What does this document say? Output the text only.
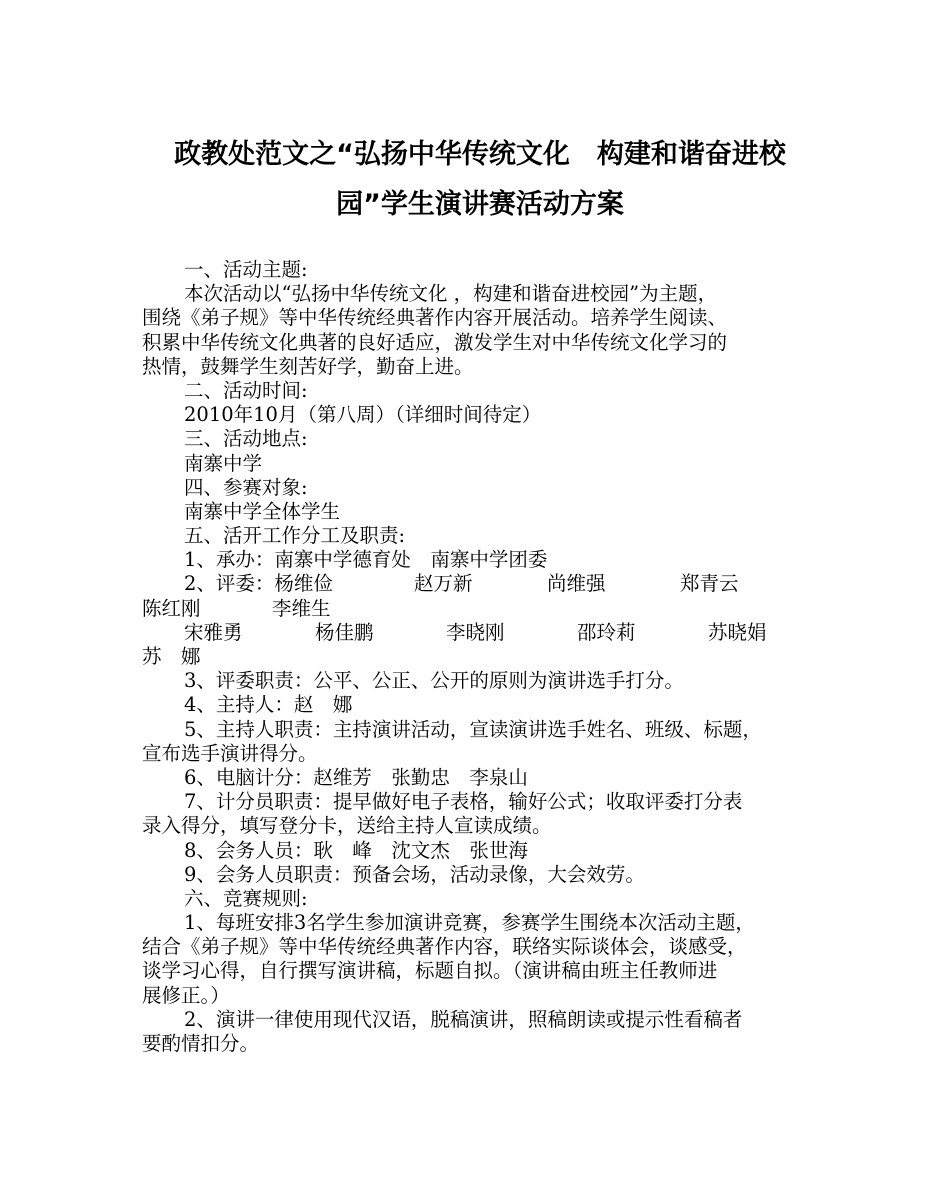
政教处范文之“弘扬中华传统文化　构建和谐奋进校
园”学生演讲赛活动方案
一、活动主题:
本次活动以“弘扬中华传统文化 ，构建和谐奋进校园”为主题，
围绕《弟子规》等中华传统经典著作内容开展活动。培养学生阅读、
积累中华传统文化典著的良好适应，激发学生对中华传统文化学习的
热情，鼓舞学生刻苦好学，勤奋上进。
二、活动时间:
2010年10月（第八周）（详细时间待定）
三、活动地点:
南寨中学
四、参赛对象:
南寨中学全体学生
五、活开工作分工及职责:
1、承办：南寨中学德育处　南寨中学团委
2、评委：杨维俭	赵万新	尚维强	郑青云
陈红刚	李维生
宋雅勇	杨佳鹏	李晓刚	邵玲莉	苏晓娟
苏　娜
3、评委职责：公平、公正、公开的原则为演讲选手打分。
4、主持人：赵　娜
5、主持人职责：主持演讲活动，宣读演讲选手姓名、班级、标题，
宣布选手演讲得分。
6、电脑计分：赵维芳　张勤忠　李泉山
7、计分员职责：提早做好电子表格，输好公式；收取评委打分表
录入得分，填写登分卡，送给主持人宣读成绩。
8、会务人员：耿　峰　沈文杰　张世海
9、会务人员职责：预备会场，活动录像，大会效劳。
六、竞赛规则:
1、每班安排3名学生参加演讲竞赛，参赛学生围绕本次活动主题，
结合《弟子规》等中华传统经典著作内容，联络实际谈体会，谈感受，
谈学习心得，自行撰写演讲稿，标题自拟。（演讲稿由班主任教师进
展修正。）
2、演讲一律使用现代汉语，脱稿演讲，照稿朗读或提示性看稿者
要酌情扣分。
